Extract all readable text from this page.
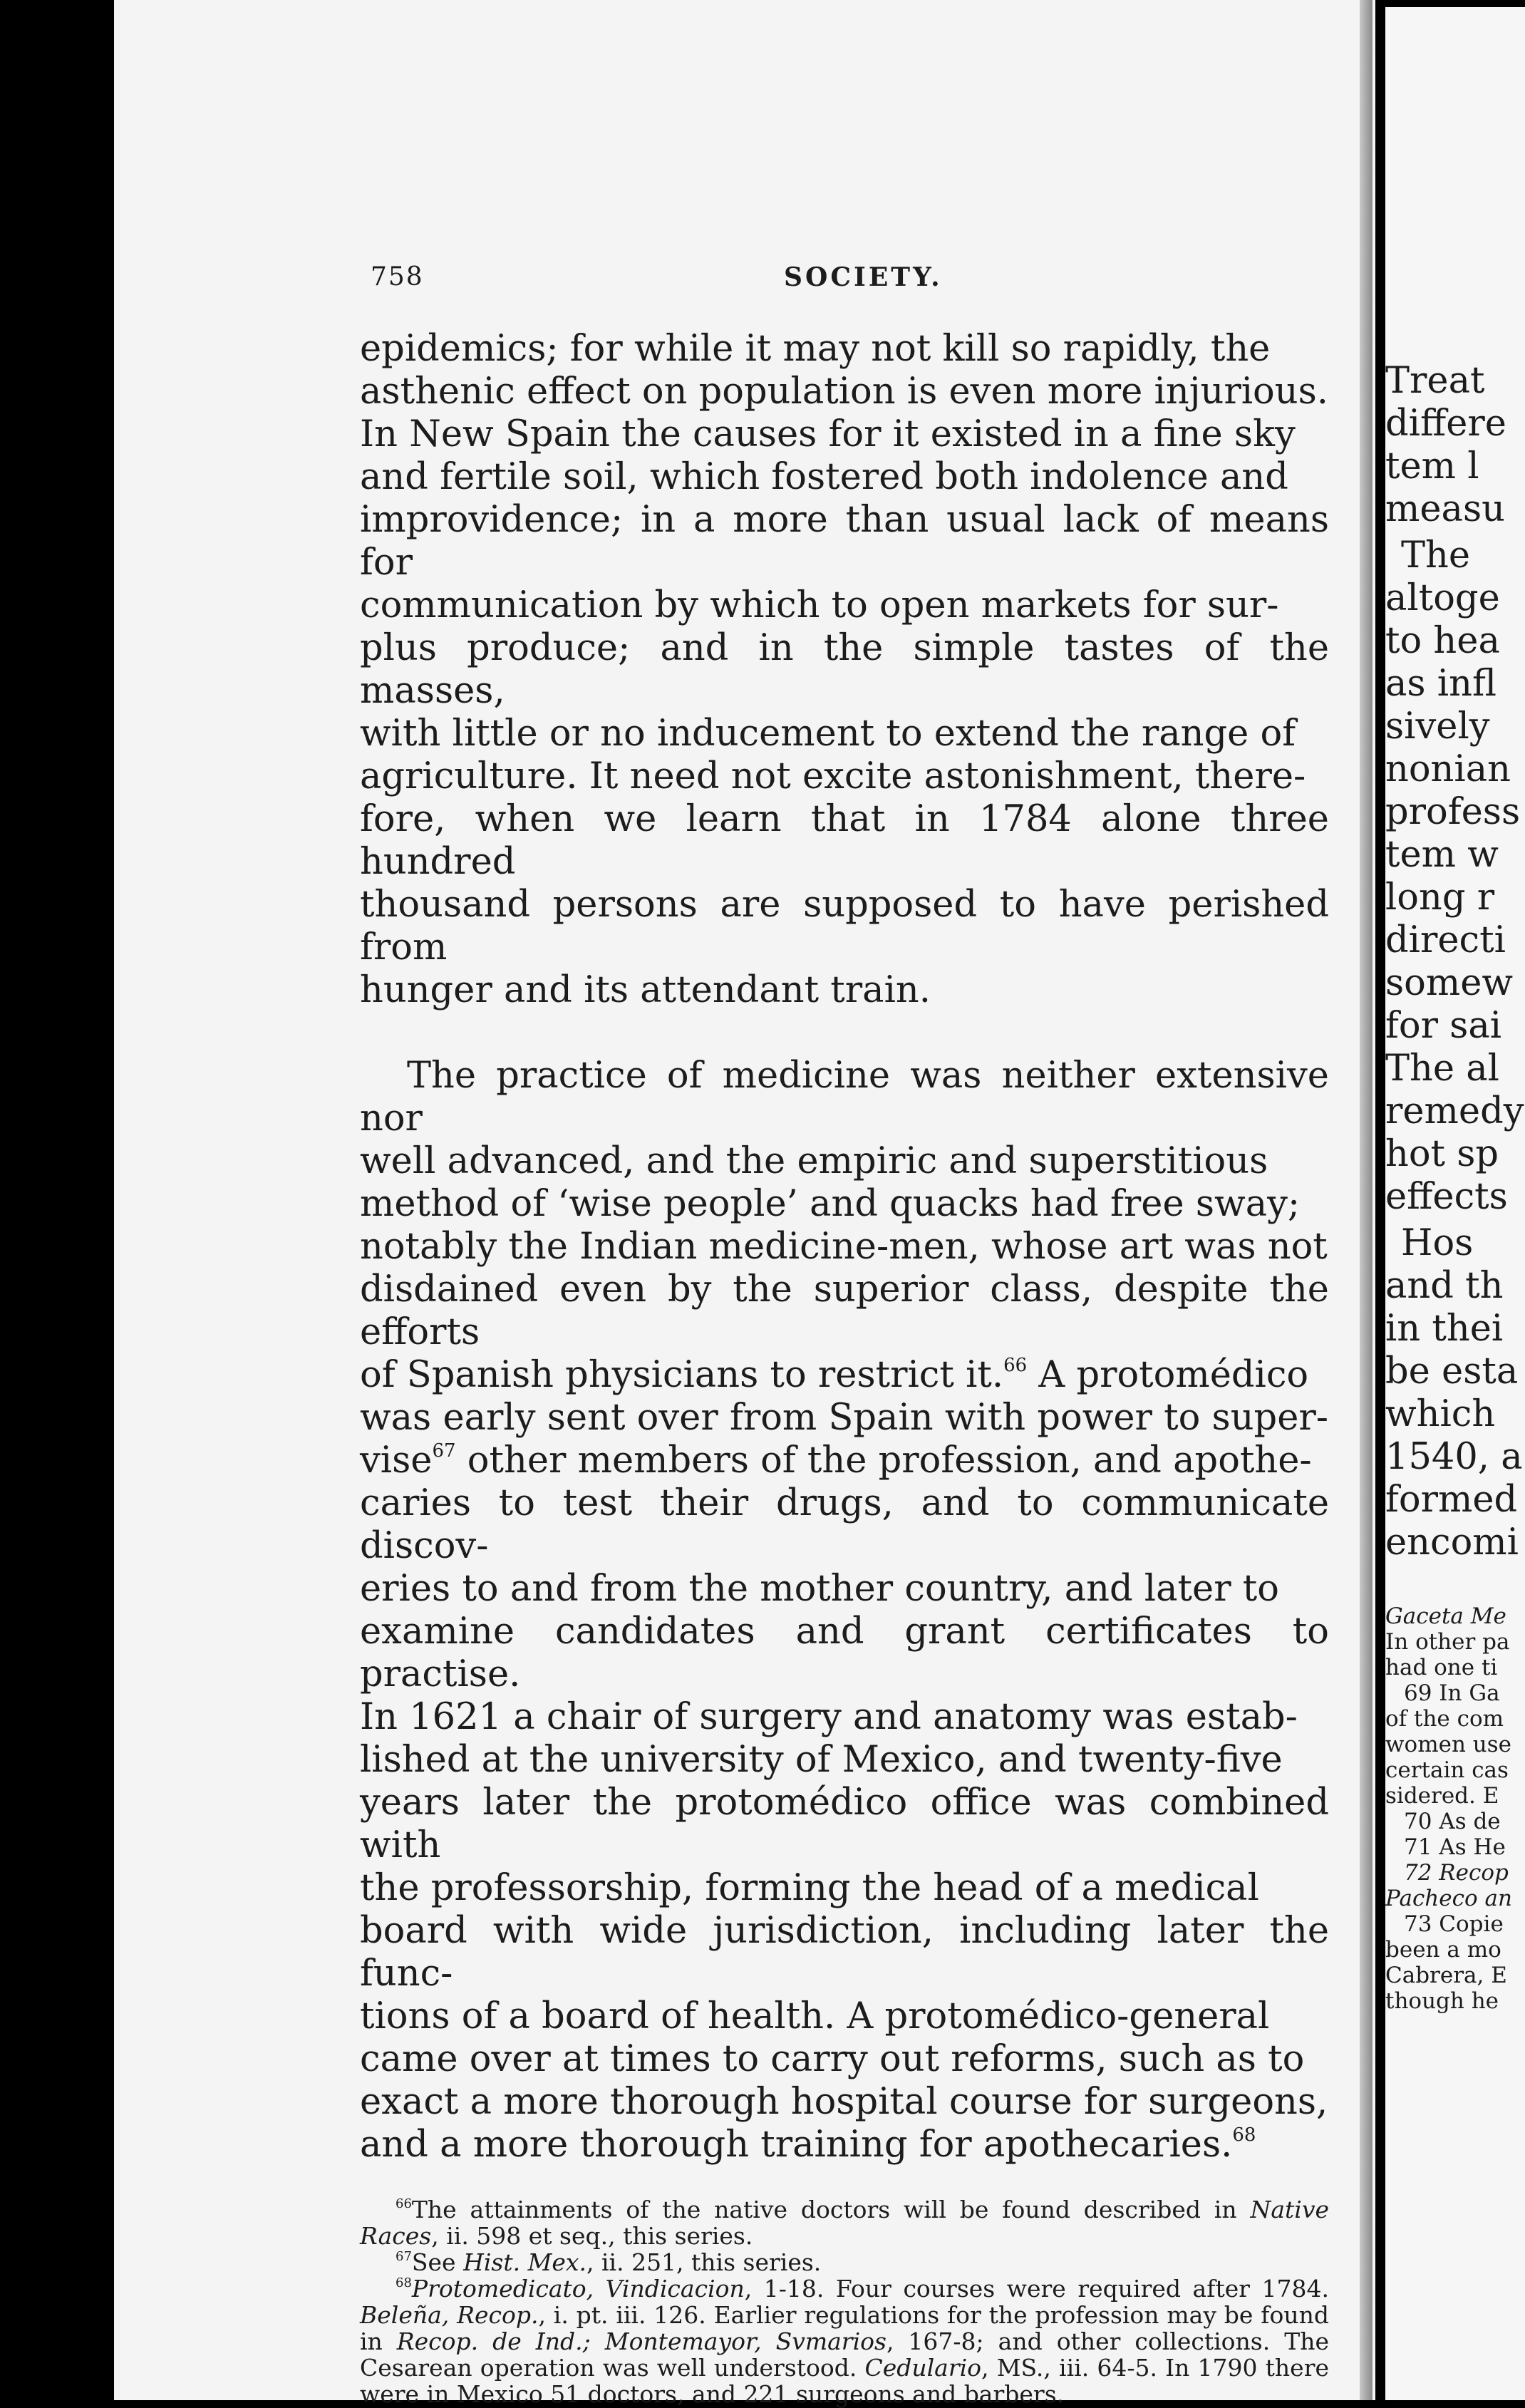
Treat
differe
tem l
measu
The
altoge
to hea
as infl
sively
nonian
profess
tem w
long r
directi
somew
for sai
The al
remedy
hot sp
effects
Hos
and th
in thei
be esta
which
1540, a
formed
encomi
Gaceta Me
In other pa
had one ti
69 In Ga
of the com
women use
certain cas
sidered. E
70 As de
71 As He
72 Recop
Pacheco an
73 Copie
been a mo
Cabrera, E
though he
758	SOCIETY.

epidemics; for while it may not kill so rapidly, the

asthenic effect on population is even more injurious.

In New Spain the causes for it existed in a fine sky

and fertile soil, which fostered both indolence and

improvidence; in a more than usual lack of means for

communication by which to open markets for sur-

plus produce; and in the simple tastes of the masses,

with little or no inducement to extend the range of

agriculture. It need not excite astonishment, there-

fore, when we learn that in 1784 alone three hundred

thousand persons are supposed to have perished from

hunger and its attendant train.

The practice of medicine was neither extensive nor

well advanced, and the empiric and superstitious

method of ‘wise people’ and quacks had free sway;

notably the Indian medicine-men, whose art was not

disdained even by the superior class, despite the efforts

of Spanish physicians to restrict it.$^{66}$ A protomédico

was early sent over from Spain with power to super-

vise$^{67}$ other members of the profession, and apothe-

caries to test their drugs, and to communicate discov-

eries to and from the mother country, and later to

examine candidates and grant certificates to practise.

In 1621 a chair of surgery and anatomy was estab-

lished at the university of Mexico, and twenty-five

years later the protomédico office was combined with

the professorship, forming the head of a medical

board with wide jurisdiction, including later the func-

tions of a board of health. A protomédico-general

came over at times to carry out reforms, such as to

exact a more thorough hospital course for surgeons,

and a more thorough training for apothecaries.$^{68}$

$^{66}$The attainments of the native doctors will be found described in Native Races, ii. 598 et seq., this series.
$^{67}$See Hist. Mex., ii. 251, this series.
$^{68}$Protomedicato, Vindicacion, 1-18. Four courses were required after 1784. Beleña, Recop., i. pt. iii. 126. Earlier regulations for the profession may be found in Recop. de Ind.; Montemayor, Svmarios, 167-8; and other collections. The Cesarean operation was well understood. Cedulario, MS., iii. 64-5. In 1790 there were in Mexico 51 doctors, and 221 surgeons and barbers.
